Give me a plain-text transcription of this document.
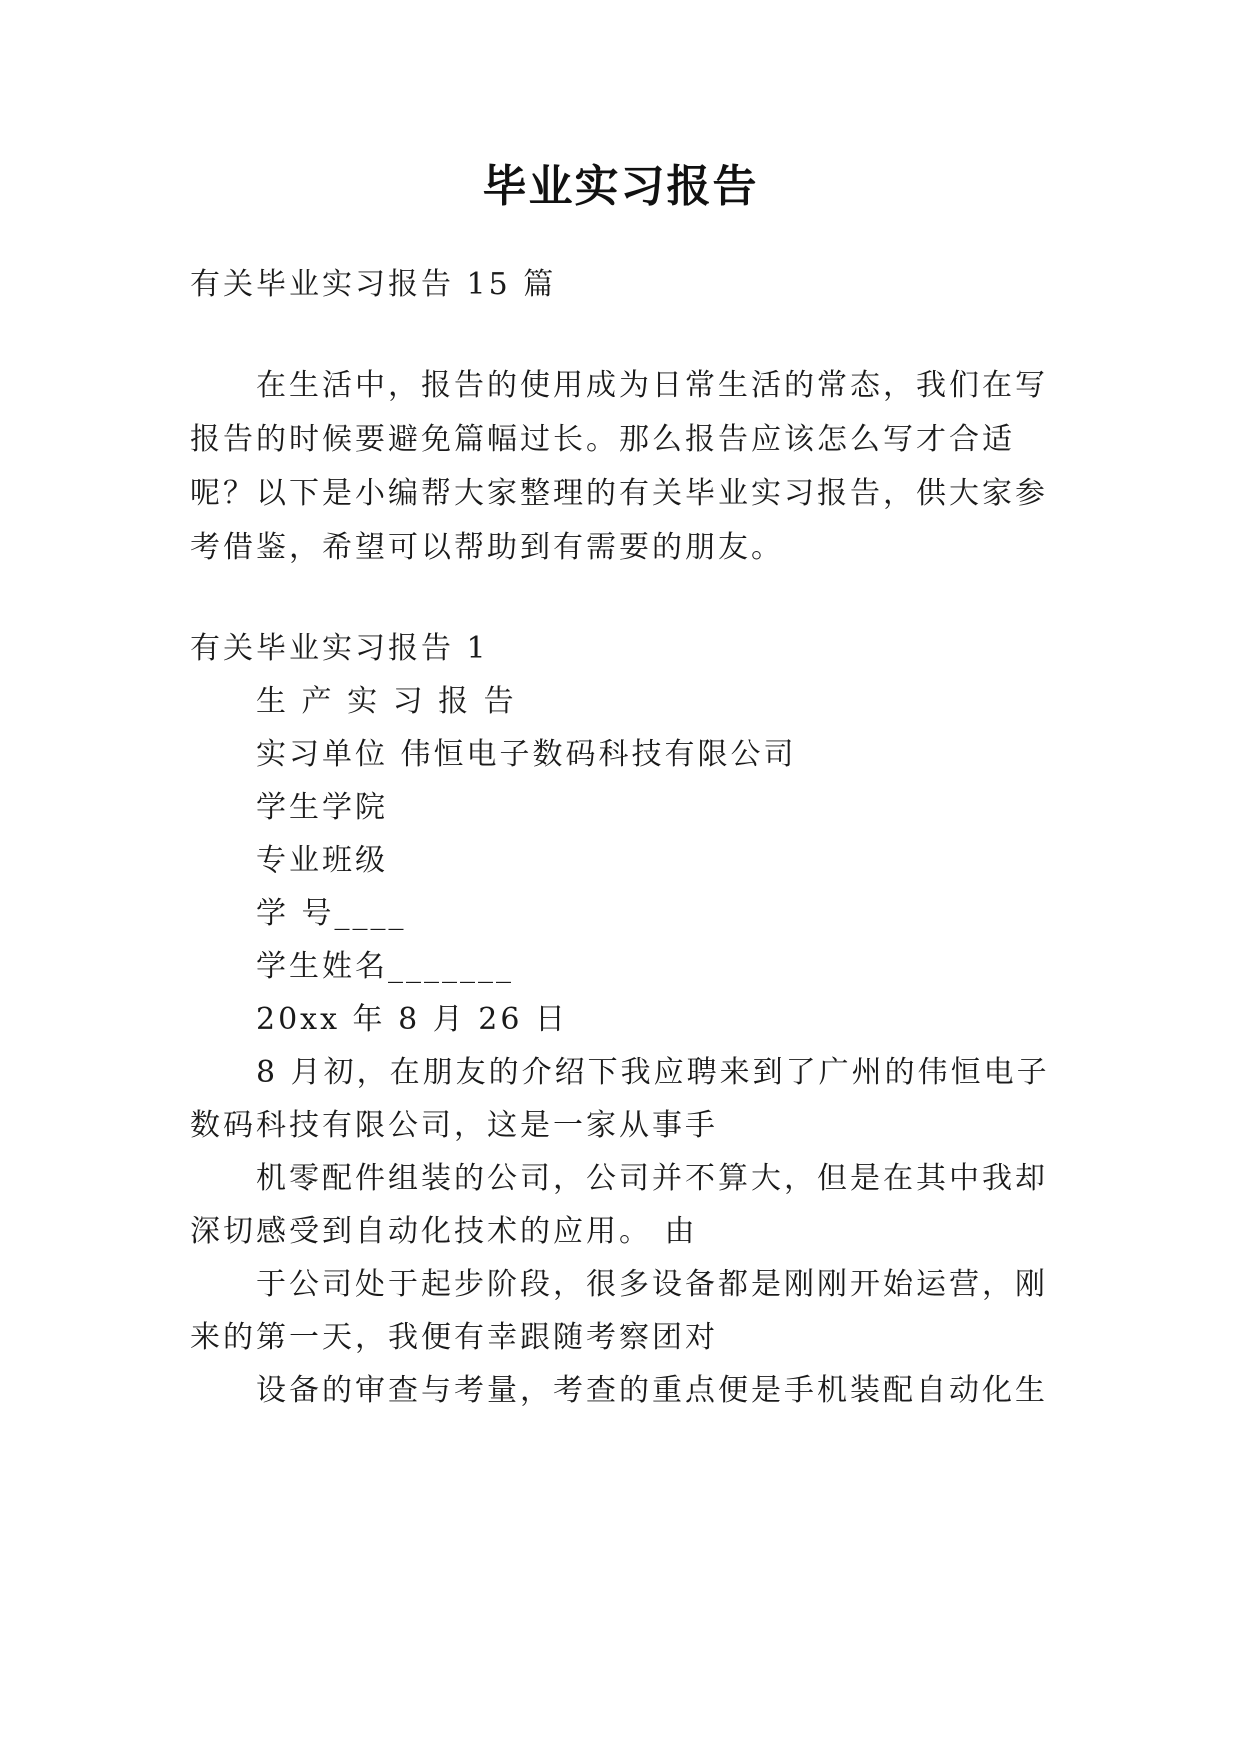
毕业实习报告
有关毕业实习报告 15 篇
在生活中，报告的使用成为日常生活的常态，我们在写
报告的时候要避免篇幅过长。那么报告应该怎么写才合适
呢？以下是小编帮大家整理的有关毕业实习报告，供大家参
考借鉴，希望可以帮助到有需要的朋友。
有关毕业实习报告 1
生 产 实 习 报 告
实习单位 伟恒电子数码科技有限公司
学生学院
专业班级
学 号____
学生姓名_______
20xx 年 8 月 26 日
8 月初，在朋友的介绍下我应聘来到了广州的伟恒电子
数码科技有限公司，这是一家从事手
机零配件组装的公司，公司并不算大，但是在其中我却
深切感受到自动化技术的应用。 由
于公司处于起步阶段，很多设备都是刚刚开始运营，刚
来的第一天，我便有幸跟随考察团对
设备的审查与考量，考查的重点便是手机装配自动化生
